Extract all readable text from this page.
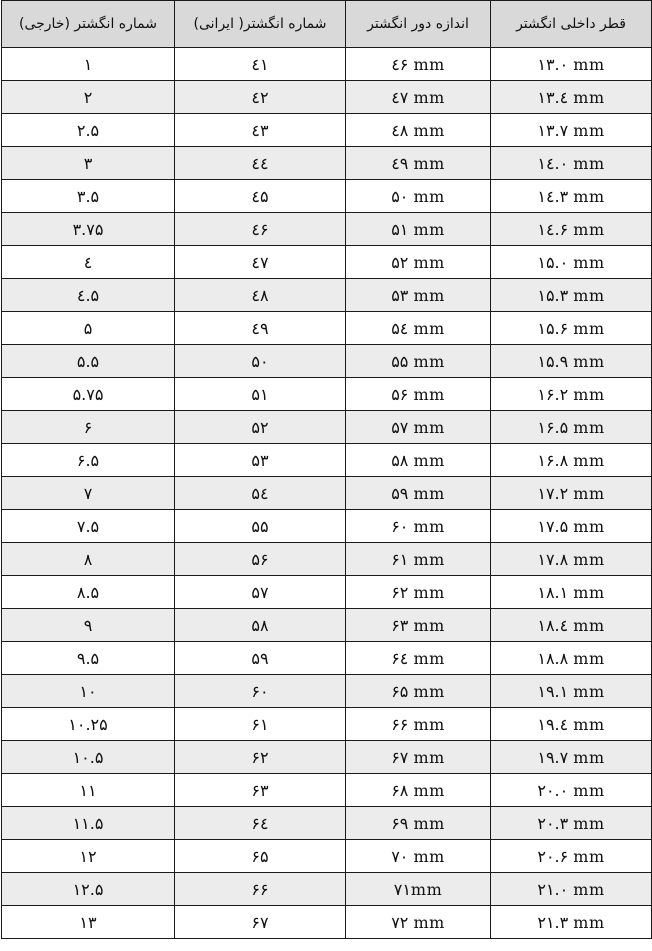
شماره انگشتر (خارجی)	شماره انگشتر( ایرانی)	اندازه دور انگشتر	قطر داخلی انگشتر
۱	٤۱	٤۶ mm	۱۳.۰ mm
۲	٤۲	٤۷ mm	۱۳.٤ mm
۲.۵	٤۳	٤۸ mm	۱۳.۷ mm
۳	٤٤	٤۹ mm	۱٤.۰ mm
۳.۵	٤۵	۵۰ mm	۱٤.۳ mm
۳.۷۵	٤۶	۵۱ mm	۱٤.۶ mm
٤	٤۷	۵۲ mm	۱۵.۰ mm
٤.۵	٤۸	۵۳ mm	۱۵.۳ mm
۵	٤۹	۵٤ mm	۱۵.۶ mm
۵.۵	۵۰	۵۵ mm	۱۵.۹ mm
۵.۷۵	۵۱	۵۶ mm	۱۶.۲ mm
۶	۵۲	۵۷ mm	۱۶.۵ mm
۶.۵	۵۳	۵۸ mm	۱۶.۸ mm
۷	۵٤	۵۹ mm	۱۷.۲ mm
۷.۵	۵۵	۶۰ mm	۱۷.۵ mm
۸	۵۶	۶۱ mm	۱۷.۸ mm
۸.۵	۵۷	۶۲ mm	۱۸.۱ mm
۹	۵۸	۶۳ mm	۱۸.٤ mm
۹.۵	۵۹	۶٤ mm	۱۸.۸ mm
۱۰	۶۰	۶۵ mm	۱۹.۱ mm
۱۰.۲۵	۶۱	۶۶ mm	۱۹.٤ mm
۱۰.۵	۶۲	۶۷ mm	۱۹.۷ mm
۱۱	۶۳	۶۸ mm	۲۰.۰ mm
۱۱.۵	۶٤	۶۹ mm	۲۰.۳ mm
۱۲	۶۵	۷۰ mm	۲۰.۶ mm
۱۲.۵	۶۶	۷۱mm	۲۱.۰ mm
۱۳	۶۷	۷۲ mm	۲۱.۳ mm
